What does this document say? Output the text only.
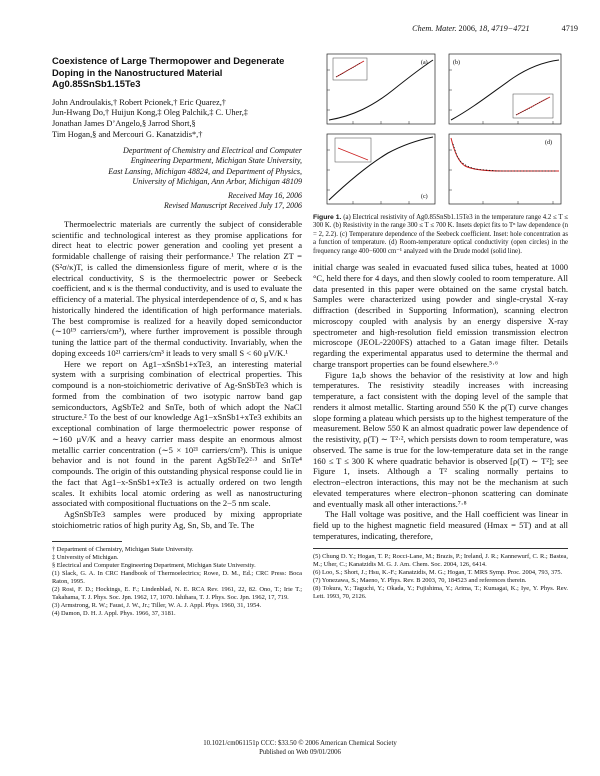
Chem. Mater. 2006, 18, 4719−4721	4719
Coexistence of Large Thermopower and Degenerate
Doping in the Nanostructured Material
Ag0.85SnSb1.15Te3
John Androulakis,† Robert Pcionek,† Eric Quarez,†
Jun-Hwang Do,† Huijun Kong,‡ Oleg Palchik,‡ C. Uher,‡
Jonathan James D’Angelo,§ Jarrod Short,§
Tim Hogan,§ and Mercouri G. Kanatzidis*,†
Department of Chemistry and Electrical and Computer
Engineering Department, Michigan State University,
East Lansing, Michigan 48824, and Department of Physics,
University of Michigan, Ann Arbor, Michigan 48109
Received May 16, 2006
Revised Manuscript Received July 17, 2006

Thermoelectric materials are currently the subject of considerable scientific and technological interest as they promise applications for direct heat to electric power generation and cooling yet present a formidable challenge of raising their performance.¹ The relation ZT = (S²σ/κ)T, is called the dimensionless figure of merit, where σ is the electrical conductivity, S is the thermoelectric power or Seebeck coefficient, and κ is the thermal conductivity, and is used to evaluate the efficiency of a material. The physical interdependence of σ, S, and κ has historically hindered the identification of high performance materials. The best compromise is realized for a heavily doped semiconductor (∼10¹⁹ carriers/cm³), where further improvement is possible through tuning the lattice part of the thermal conductivity. Invariably, when the doping exceeds 10²¹ carriers/cm³ it leads to very small S < 60 μV/K.¹

Here we report on Ag1−xSnSb1+xTe3, an interesting material system with a surprising combination of electrical properties. This compound is a non-stoichiometric derivative of Ag-SnSbTe3 which is formed from the combination of two isotypic narrow band gap semiconductors, AgSbTe2 and SnTe, both of which adopt the NaCl structure.² To the best of our knowledge Ag1−xSnSb1+xTe3 exhibits an exceptional combination of large thermoelectric power response of ∼160 μV/K and a heavy carrier mass despite an enormous almost metallic carrier concentration (∼5 × 10²¹ carriers/cm³). This is unique behavior and is not found in the parent AgSbTe2²·³ and SnTe⁴ compounds. The origin of this outstanding physical response could lie in the fact that Ag1−x-SnSb1+xTe3 is actually ordered on two length scales. It exhibits local atomic ordering as well as nanostructuring associated with compositional fluctuations on the 2−5 nm scale.

AgSnSbTe3 samples were produced by mixing appropriate stoichiometric ratios of high purity Ag, Sn, Sb, and Te. The

† Department of Chemistry, Michigan State University.
‡ University of Michigan.
§ Electrical and Computer Engineering Department, Michigan State University.
(1) Slack, G. A. In CRC Handbook of Thermoelectrics; Rowe, D. M., Ed.; CRC Press: Boca Raton, 1995.
(2) Rosi, F. D.; Hockings, E. F.; Lindenblad, N. E. RCA Rev. 1961, 22, 82. Ono, T.; Irie T.; Takahama, T. J. Phys. Soc. Jpn. 1962, 17, 1070. Ishihara, T. J. Phys. Soc. Jpn. 1962, 17, 719.
(3) Armstrong, R. W.; Faust, J. W., Jr.; Tiller, W. A. J. Appl. Phys. 1960, 31, 1954.
(4) Damon, D. H. J. Appl. Phys. 1966, 37, 3181.
(a)	(b)
(c)
(d)
Figure 1. (a) Electrical resistivity of Ag0.85SnSb1.15Te3 in the temperature range 4.2 ≤ T ≤ 300 K. (b) Resistivity in the range 300 ≤ T ≤ 700 K. Insets depict fits to Tⁿ law dependence (n = 2, 2.2). (c) Temperature dependence of the Seebeck coefficient. Inset: hole concentration as a function of temperature. (d) Room-temperature optical conductivity (open circles) in the frequency range 400−6000 cm⁻¹ analyzed with the Drude model (solid line).

initial charge was sealed in evacuated fused silica tubes, heated at 1000 °C, held there for 4 days, and then slowly cooled to room temperature. All data presented in this paper were obtained on the same crystal batch. Samples were characterized using powder and single-crystal X-ray diffraction (described in Supporting Information), scanning electron microscopy coupled with analysis by an energy dispersive X-ray spectrometer and high-resolution field emission transmission electron microscope (JEOL-2200FS) attached to a Gatan image filter. Details regarding the experimental apparatus used to determine the thermal and charge transport properties can be found elsewhere.⁵·⁶

Figure 1a,b shows the behavior of the resistivity at low and high temperatures. The resistivity steadily increases with increasing temperature, a fact consistent with the doping level of the sample that renders it almost metallic. Starting around 550 K the ρ(T) curve changes slope forming a plateau which persists up to the highest temperature of the measurement. Below 550 K an almost quadratic power law dependence of the resistivity, ρ(T) ∼ T²·², which persists down to room temperature, was observed. The same is true for the low-temperature data set in the range 160 ≤ T ≤ 300 K where quadratic behavior is observed [ρ(T) ∼ T²]; see Figure 1, insets. Although a T² scaling normally pertains to electron−electron interactions, this may not be the mechanism at such elevated temperatures where electron−phonon scattering can dominate and eventually mask all other interactions.⁷·⁸

The Hall voltage was positive, and the Hall coefficient was linear in field up to the highest magnetic field measured (Hmax = 5T) and at all temperatures, indicating, therefore,

(5) Chung D. Y.; Hogan, T. P.; Rocci-Lane, M.; Brazis, P.; Ireland, J. R.; Kannewurf, C. R.; Bastea, M.; Uher, C.; Kanatzidis M. G. J. Am. Chem. Soc. 2004, 126, 6414.
(6) Loo, S.; Short, J.; Hsu, K.-F.; Kanatzidis, M. G.; Hogan, T. MRS Symp. Proc. 2004, 793, 375.
(7) Yonezawa, S.; Maeno, Y. Phys. Rev. B 2003, 70, 184523 and references therein.
(8) Tokura, Y.; Taguchi, Y.; Okada, Y.; Fujishima, Y.; Arima, T.; Kumagai, K.; Iye, Y. Phys. Rev. Lett. 1993, 70, 2126.
10.1021/cm061151p CCC: $33.50 © 2006 American Chemical Society
Published on Web 09/01/2006
